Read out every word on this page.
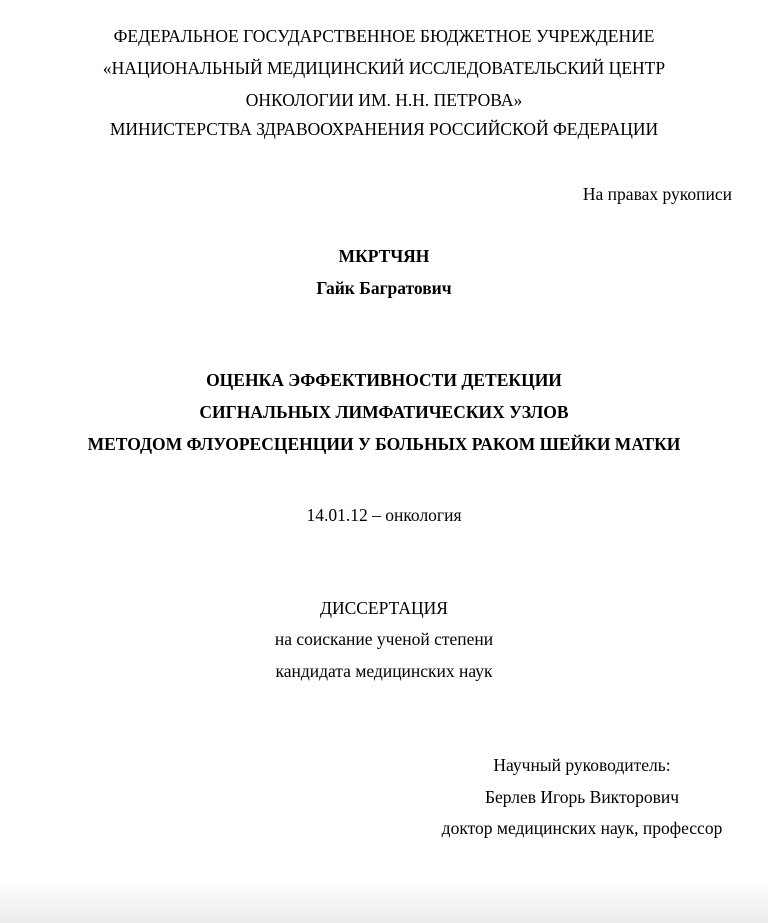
ФЕДЕРАЛЬНОЕ ГОСУДАРСТВЕННОЕ БЮДЖЕТНОЕ УЧРЕЖДЕНИЕ
«НАЦИОНАЛЬНЫЙ МЕДИЦИНСКИЙ ИССЛЕДОВАТЕЛЬСКИЙ ЦЕНТР
ОНКОЛОГИИ ИМ. Н.Н. ПЕТРОВА»
МИНИСТЕРСТВА ЗДРАВООХРАНЕНИЯ РОССИЙСКОЙ ФЕДЕРАЦИИ
На правах рукописи
МКРТЧЯН
Гайк Багратович
ОЦЕНКА ЭФФЕКТИВНОСТИ ДЕТЕКЦИИ
СИГНАЛЬНЫХ ЛИМФАТИЧЕСКИХ УЗЛОВ
МЕТОДОМ ФЛУОРЕСЦЕНЦИИ У БОЛЬНЫХ РАКОМ ШЕЙКИ МАТКИ
14.01.12 – онкология
ДИССЕРТАЦИЯ
на соискание ученой степени
кандидата медицинских наук
Научный руководитель:
Берлев Игорь Викторович
доктор медицинских наук, профессор
